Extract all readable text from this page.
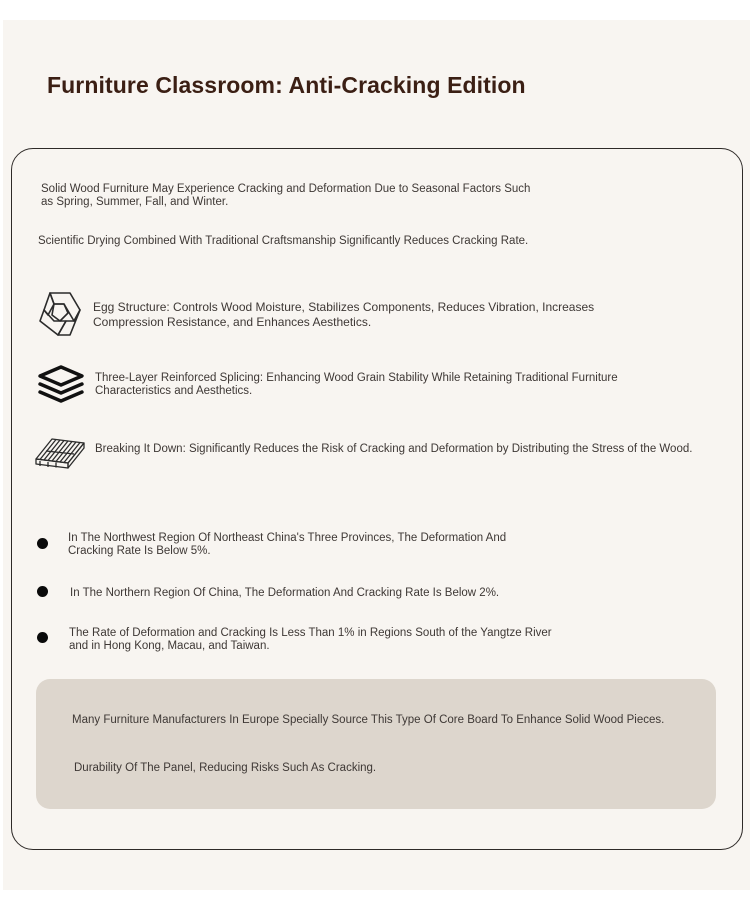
Furniture Classroom: Anti-Cracking Edition

Solid Wood Furniture May Experience Cracking and Deformation Due to Seasonal Factors Such as Spring, Summer, Fall, and Winter.

Scientific Drying Combined With Traditional Craftsmanship Significantly Reduces Cracking Rate.

Egg Structure: Controls Wood Moisture, Stabilizes Components, Reduces Vibration, Increases Compression Resistance, and Enhances Aesthetics.

Three-Layer Reinforced Splicing: Enhancing Wood Grain Stability While Retaining Traditional Furniture Characteristics and Aesthetics.

Breaking It Down: Significantly Reduces the Risk of Cracking and Deformation by Distributing the Stress of the Wood.

In The Northwest Region Of Northeast China's Three Provinces, The Deformation And Cracking Rate Is Below 5%.

In The Northern Region Of China, The Deformation And Cracking Rate Is Below 2%.

The Rate of Deformation and Cracking Is Less Than 1% in Regions South of the Yangtze River and in Hong Kong, Macau, and Taiwan.

Many Furniture Manufacturers In Europe Specially Source This Type Of Core Board To Enhance Solid Wood Pieces.

Durability Of The Panel, Reducing Risks Such As Cracking.
